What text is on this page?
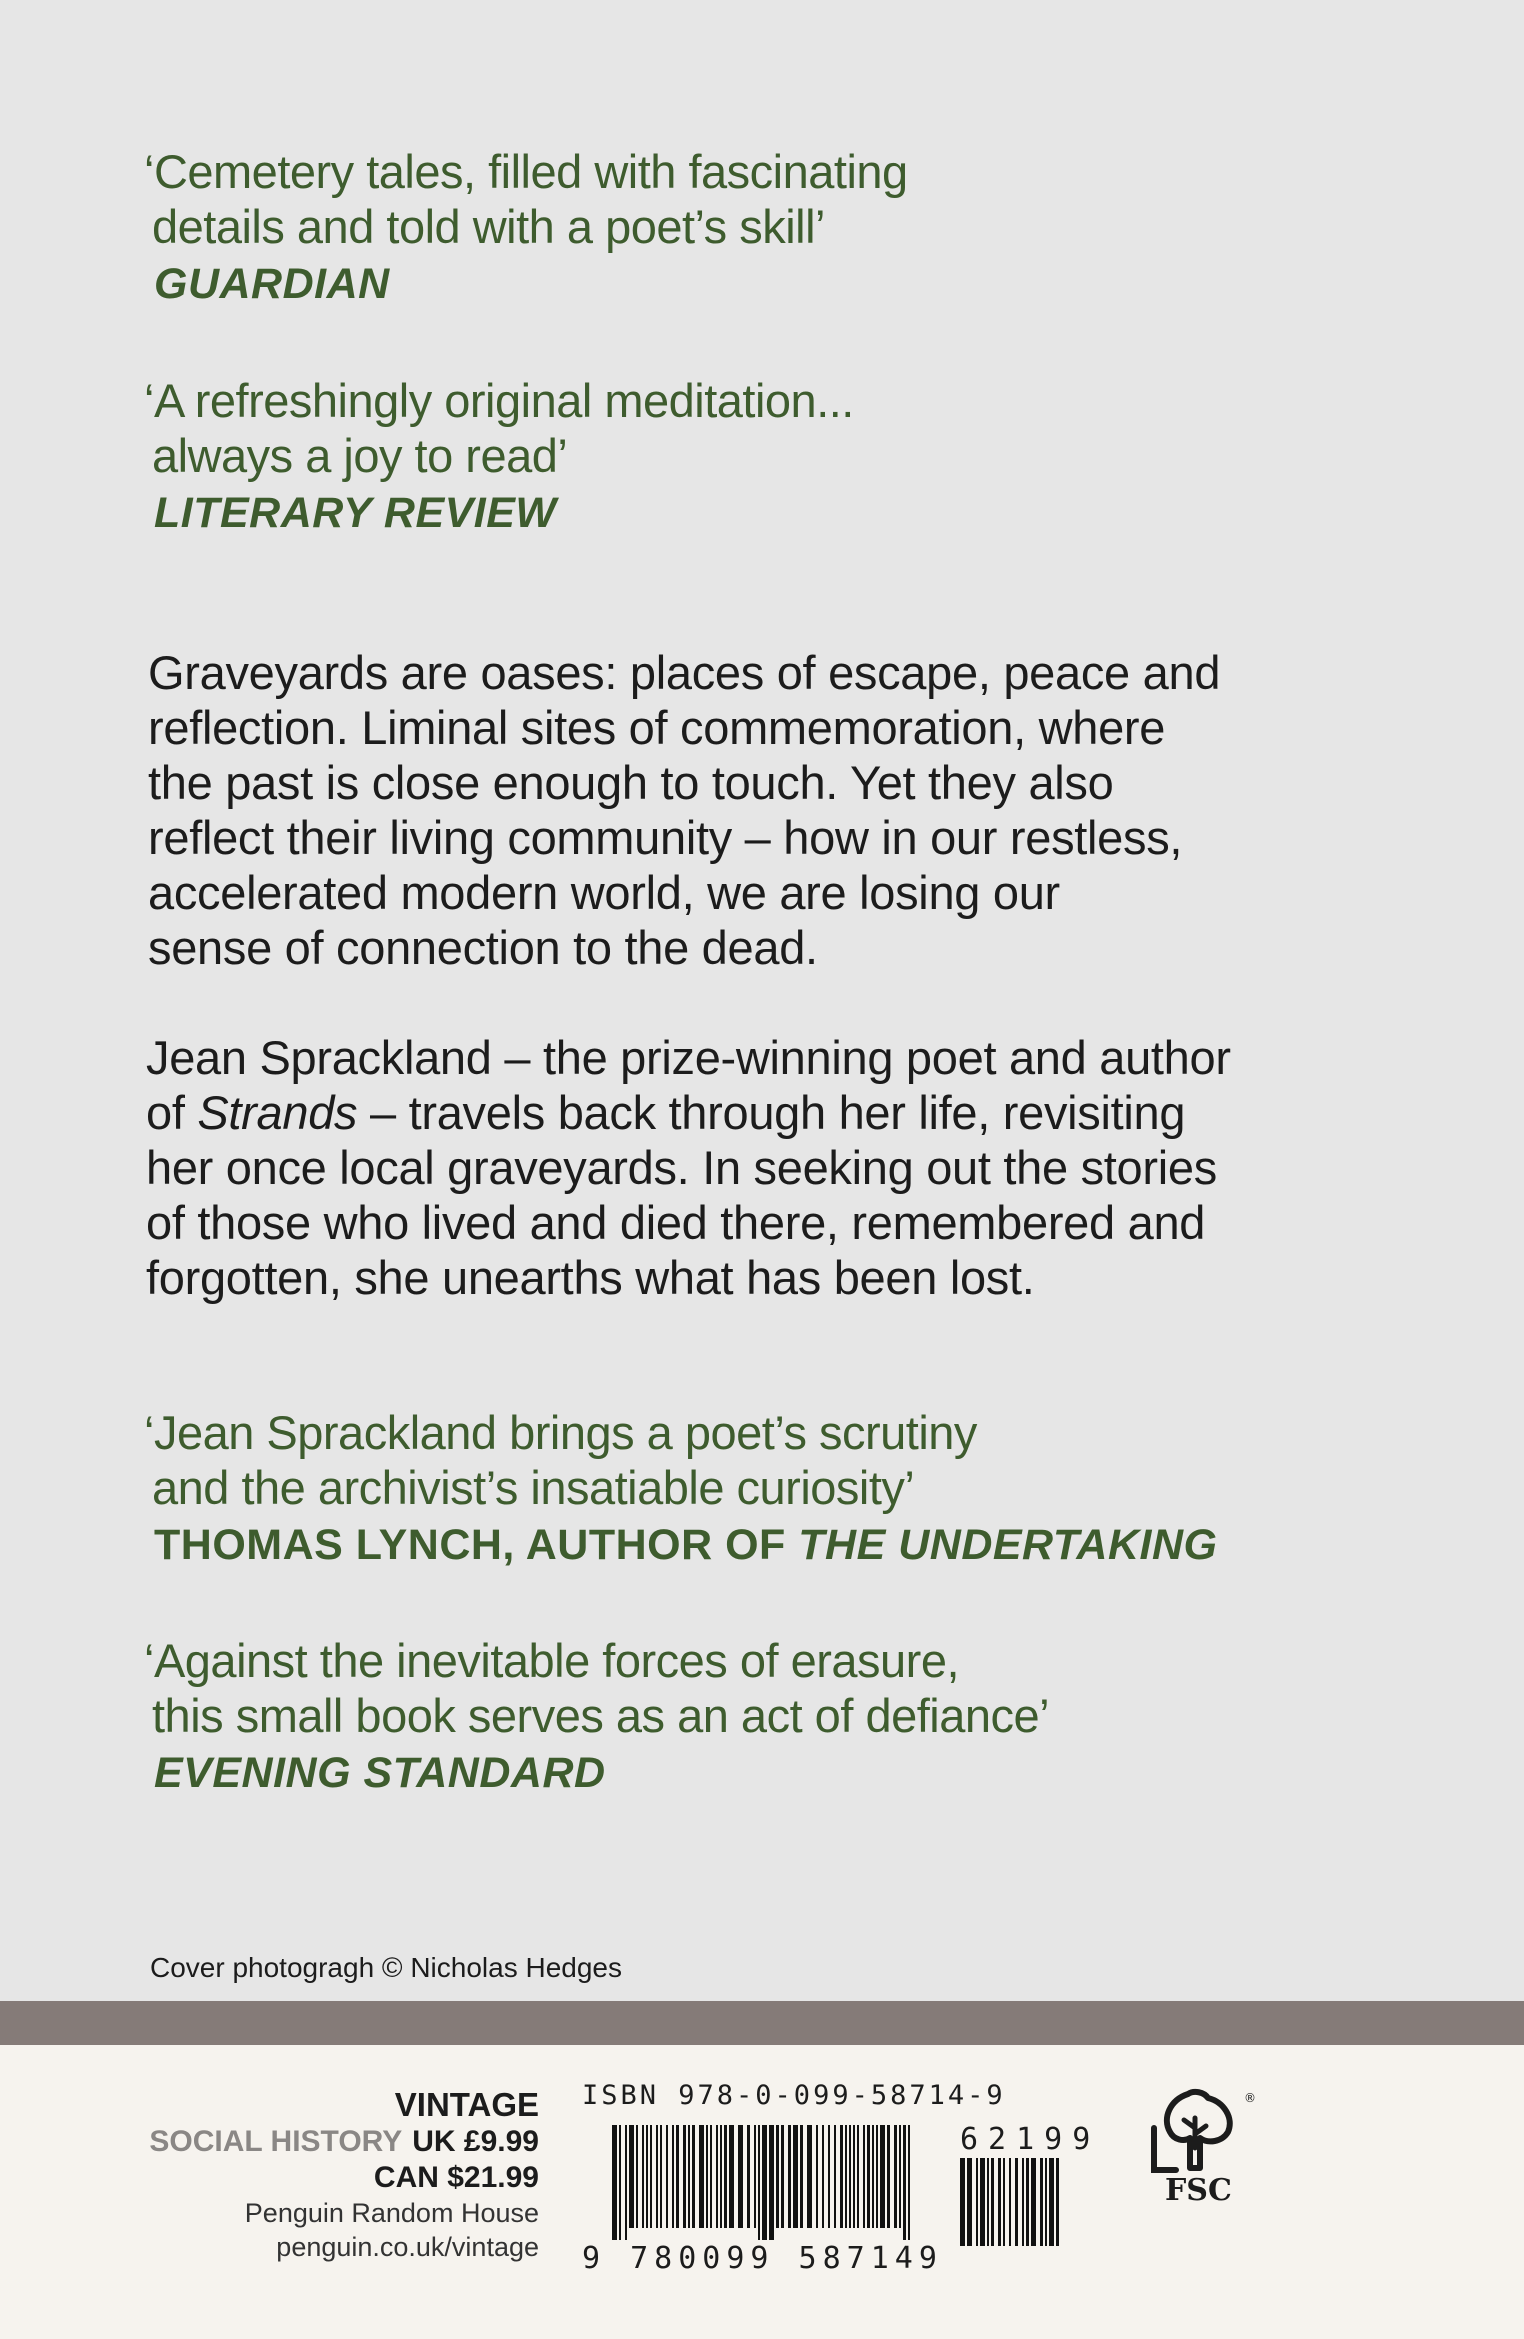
‘Cemetery tales, filled with fascinating
details and told with a poet’s skill’
GUARDIAN
‘A refreshingly original meditation...
always a joy to read’
LITERARY REVIEW
Graveyards are oases: places of escape, peace and
reflection. Liminal sites of commemoration, where
the past is close enough to touch. Yet they also
reflect their living community – how in our restless,
accelerated modern world, we are losing our
sense of connection to the dead.
Jean Sprackland – the prize-winning poet and author
of Strands – travels back through her life, revisiting
her once local graveyards. In seeking out the stories
of those who lived and died there, remembered and
forgotten, she unearths what has been lost.
‘Jean Sprackland brings a poet’s scrutiny
and the archivist’s insatiable curiosity’
THOMAS LYNCH, AUTHOR OF THE UNDERTAKING
‘Against the inevitable forces of erasure,
this small book serves as an act of defiance’
EVENING STANDARD
Cover photogragh © Nicholas Hedges
VINTAGE
SOCIAL HISTORY UK £9.99
CAN $21.99
Penguin Random House
penguin.co.uk/vintage
ISBN 978-0-099-58714-9
9 780099 587149
62199
®
FSC
